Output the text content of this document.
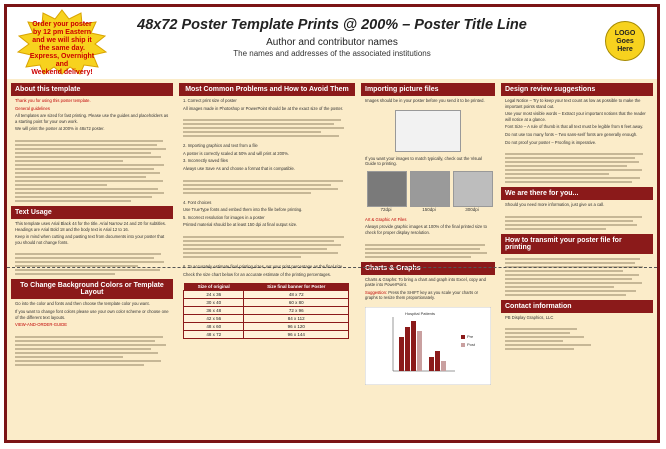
Order your poster
by 12 pm Eastern
and we will ship it
the same day.
Express, Overnight and
Weekend delivery!
48x72 Poster Template Prints @ 200% – Poster Title Line
Author and contributor names
The names and addresses of the associated institutions
LOGO
Goes
Here
About this template

Thank you for using this poster template.

General guidelines

All templates are sized for fast printing. Please use the guides and placeholders as a starting point for your own work.

We will print the poster at 200% in 48x72 poster.

Text Usage

This template uses Arial Black 44 for the title. Arial Narrow 24 and 20 for subtitles. Headings are Arial Bold 18 and the body text is Arial 12 to 16.

Keep in mind when cutting and pasting text from documents into your poster that you should not change fonts.

To Change Background Colors or Template Layout

Go into the color and fonts and then choose the template color you want.

If you want to change font colors please use your own color scheme or choose one of the different text layouts.

VIEW-AND-ORDER-GUIDE

Most Common Problems and How to Avoid Them

1. Correct print size of poster

All images made in Photoshop or PowerPoint should be at the exact size of the poster.

2. Importing graphics and text from a file

A poster is correctly scaled at 50% and will print at 200%.

3. Incorrectly saved files

Always use Save As and choose a format that is compatible.

4. Font choices

Use TrueType fonts and embed them into the file before printing.

5. Incorrect resolution for images in a poster

Printed material should be at least 150 dpi at final output size.

6. To accurately estimate final printing sizes, set your print percentage as the final size

Check the size chart below for an accurate estimate of the printing percentages.

Size of original	Size final banner for Poster
24 x 36	48 x 72
30 x 40	60 x 80
36 x 48	72 x 96
42 x 56	84 x 112
48 x 60	96 x 120
48 x 72	96 x 144
Importing picture files

Images should be in your poster before you send it to be printed.

If you want your images to match typically, check out the Visual Guide to printing.

72dpi	150dpi	300dpi

Art & Graphic Art Files

Always provide graphic images at 100% of the final printed size to check for proper display resolution.

Charts & Graphs

Charts & Graphs: To bring a chart and graph into Excel, copy and paste into PowerPoint.

Suggestion: Press the SHIFT key as you scale your charts or graphs to resize them proportionately.

Hospital Patients
Pre
Post
Design review suggestions

Legal Notice – Try to keep your text count as low as possible to make the important points stand out.

Use your most visible words – Extract your important notions that the reader will notice at a glance.

Font Size – A rule of thumb is that all text must be legible from 6 feet away.

Do not use too many fonts – Two sans-serif fonts are generally enough.

Do not proof your poster – Proofing is imperative.

We are there for you...

Should you need more information, just give us a call.

How to transmit your poster file for printing
Contact information

PB Display Graphics, LLC
